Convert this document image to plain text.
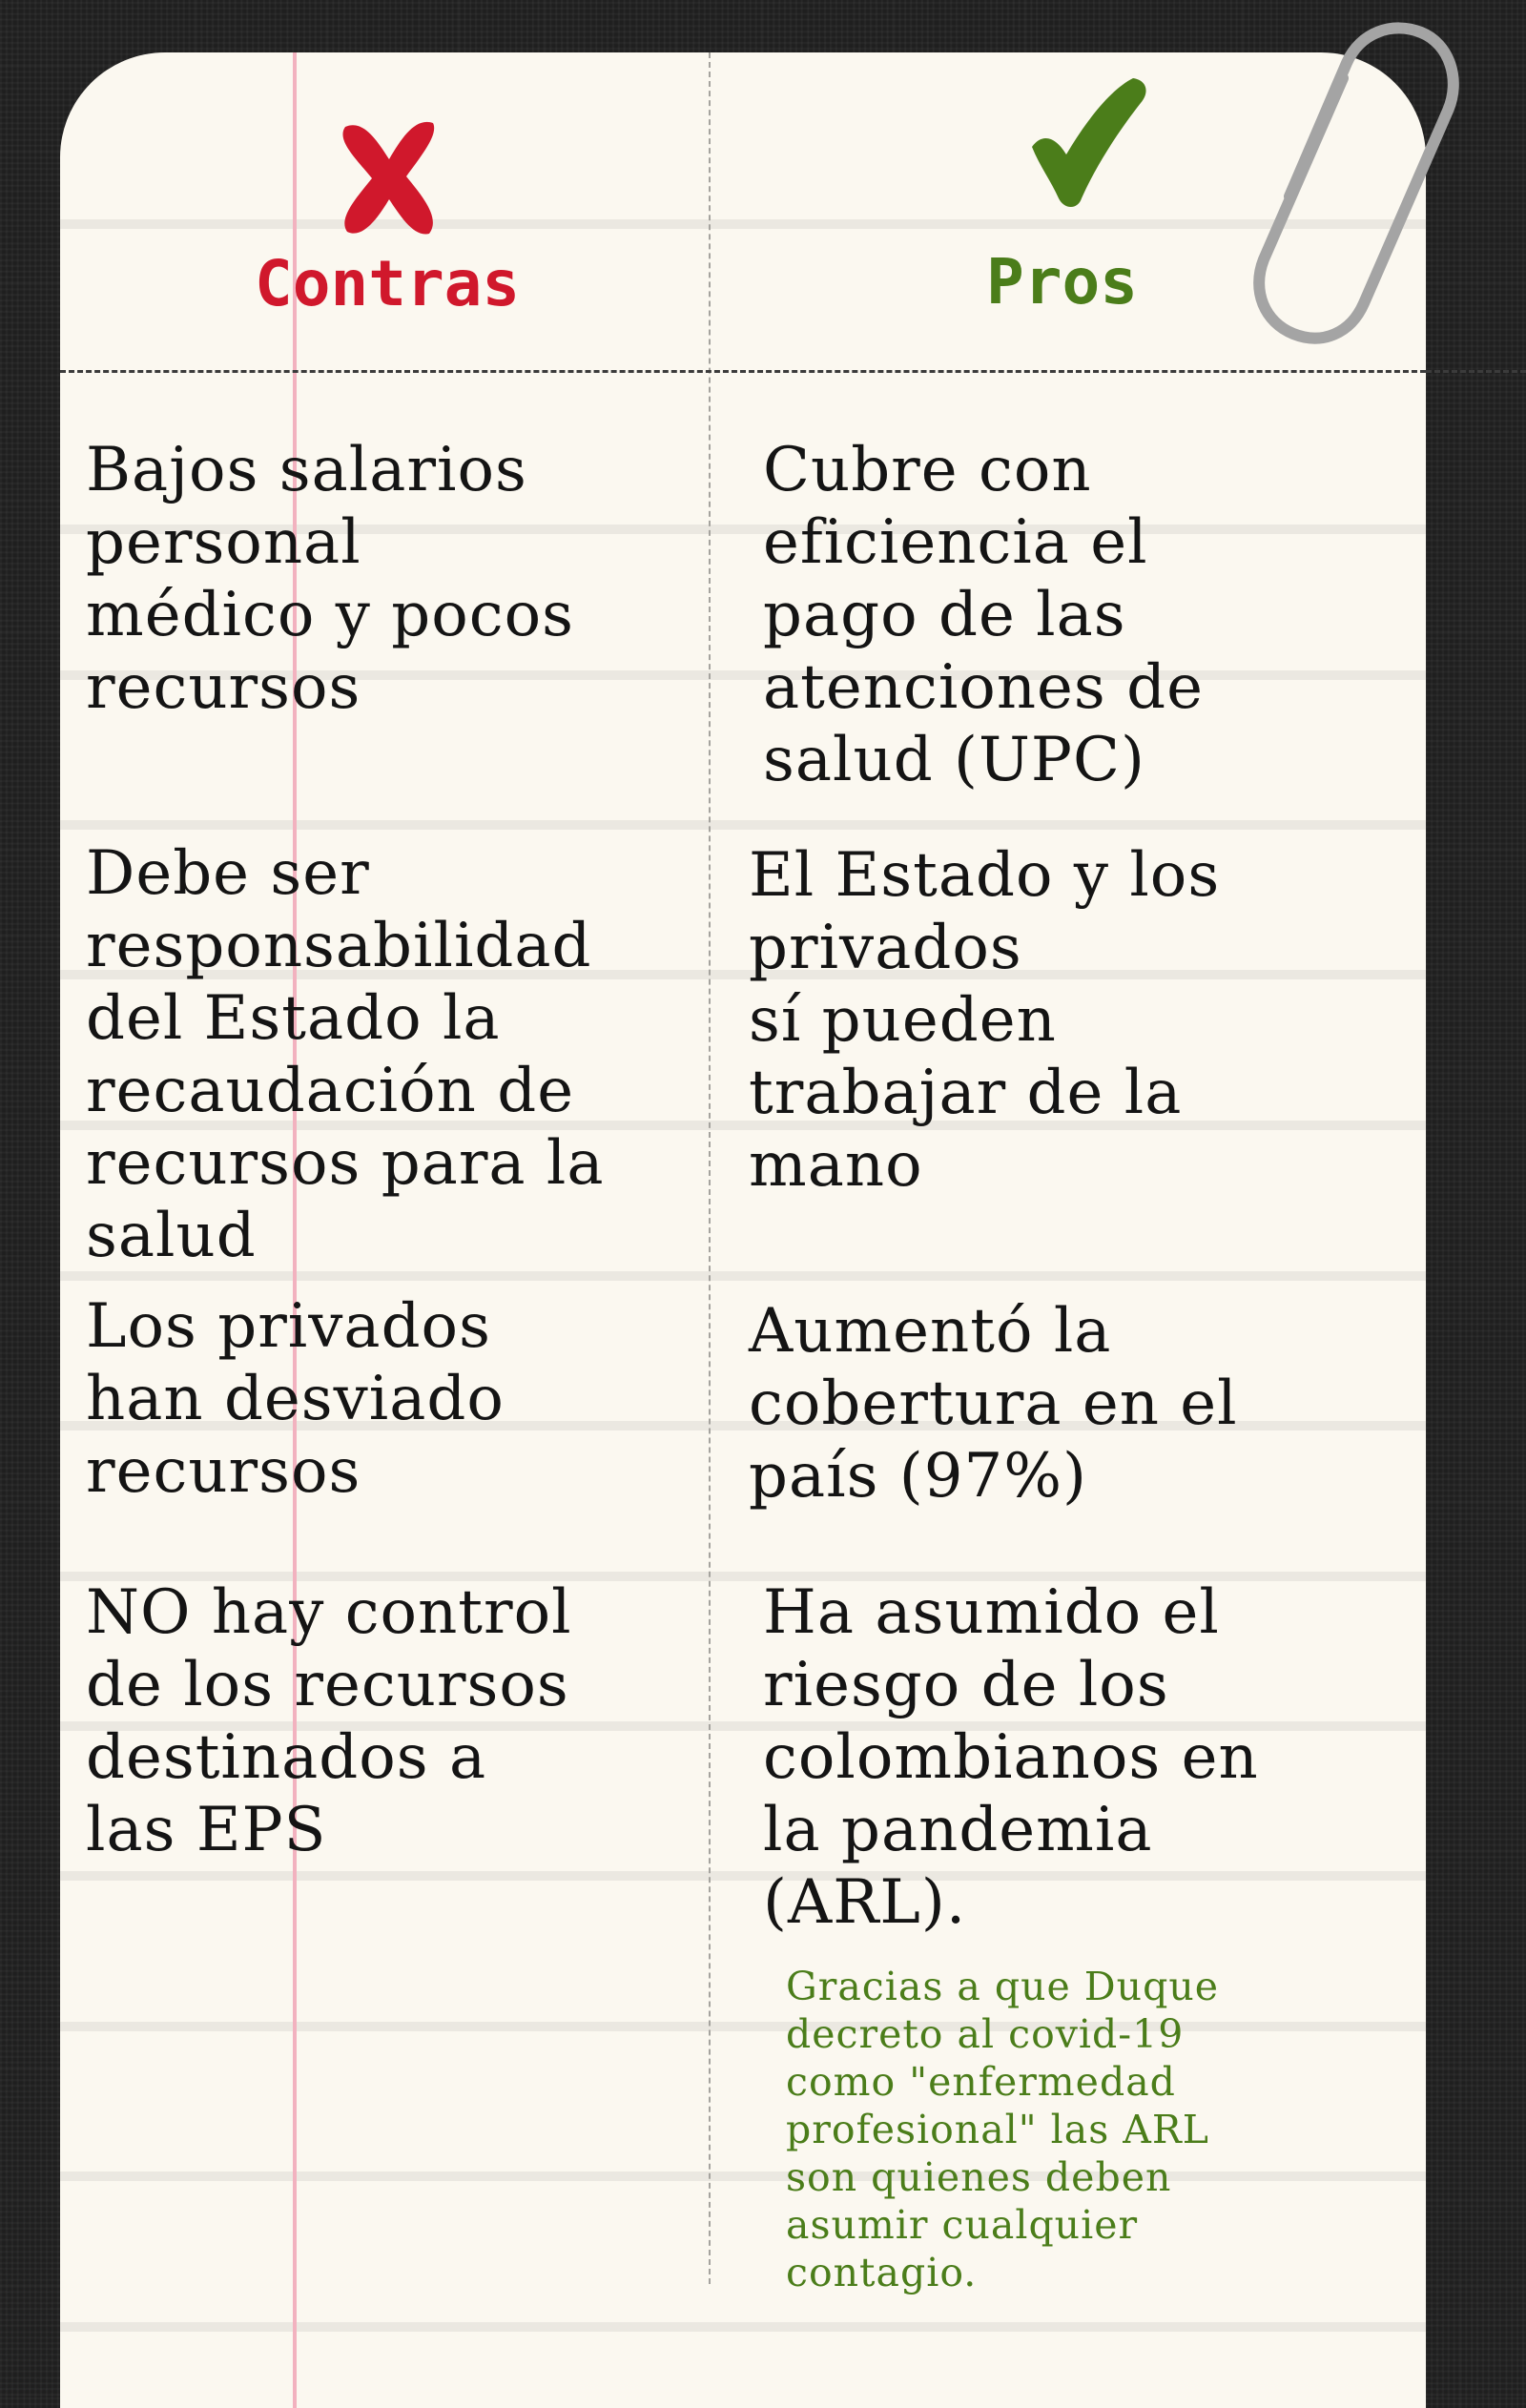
Contras	Pros

Bajos salarios
personal
médico y pocos
recursos

Debe ser
responsabilidad
del Estado la
recaudación de
recursos para la
salud

Los privados
han desviado
recursos

NO hay control
de los recursos
destinados a
las EPS

Cubre con
eficiencia el
pago de las
atenciones de
salud (UPC)

El Estado y los
privados
sí pueden
trabajar de la
mano

Aumentó la
cobertura en el
país (97%)

Ha asumido el
riesgo de los
colombianos en
la pandemia
(ARL).

Gracias a que Duque
decreto al covid-19
como "enfermedad
profesional" las ARL
son quienes deben
asumir cualquier
contagio.
